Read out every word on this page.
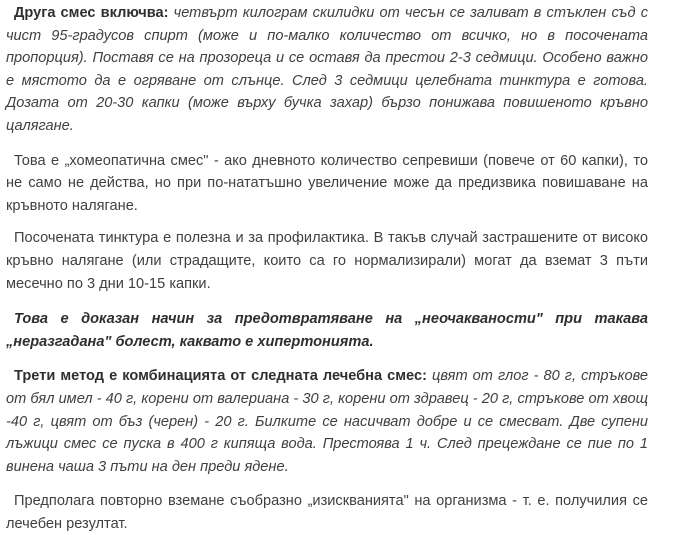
Друга смес включва: четвърт килограм скилидки от чесън се заливат в стъклен съд с чист 95-градусов спирт (може и по-малко количество от всичко, но в посочената пропорция). Поставя се на прозореца и се оставя да престои 2-3 седмици. Особено важно е мястото да е огряване от слънце. След 3 седмици целебната тинктура е готова. Дозата от 20-30 капки (може върху бучка захар) бързо понижава повишеното кръвно цалягане.

Това е „хомеопатична смес" - ако дневното количество сепревиши (повече от 60 капки), то не само не действа, но при по-нататъшно увеличение може да предизвика повишаване на кръвното налягане.

Посочената тинктура е полезна и за профилактика. В такъв случай застрашените от високо кръвно налягане (или страдащите, които са го нормализирали) могат да вземат 3 пъти месечно по 3 дни 10-15 капки.

Това е доказан начин за предотвратяване на „неочакваности" при такава „неразгадана" болест, каквато е хипертонията.

Трети метод е комбинацията от следната лечебна смес: цвят от глог - 80 г, стръкове от бял имел - 40 г, корени от валериана - 30 г, корени от здравец - 20 г, стръкове от хвощ -40 г, цвят от бъз (черен) - 20 г. Билките се насичват добре и се смесват. Две супени лъжици смес се пуска в 400 г кипяща вода. Престоява 1 ч. След прецеждане се пие по 1 винена чаша 3 пъти на ден преди ядене.

Предполага повторно вземане съобразно „изискванията" на организма - т. е. получилия се лечебен резултат.
